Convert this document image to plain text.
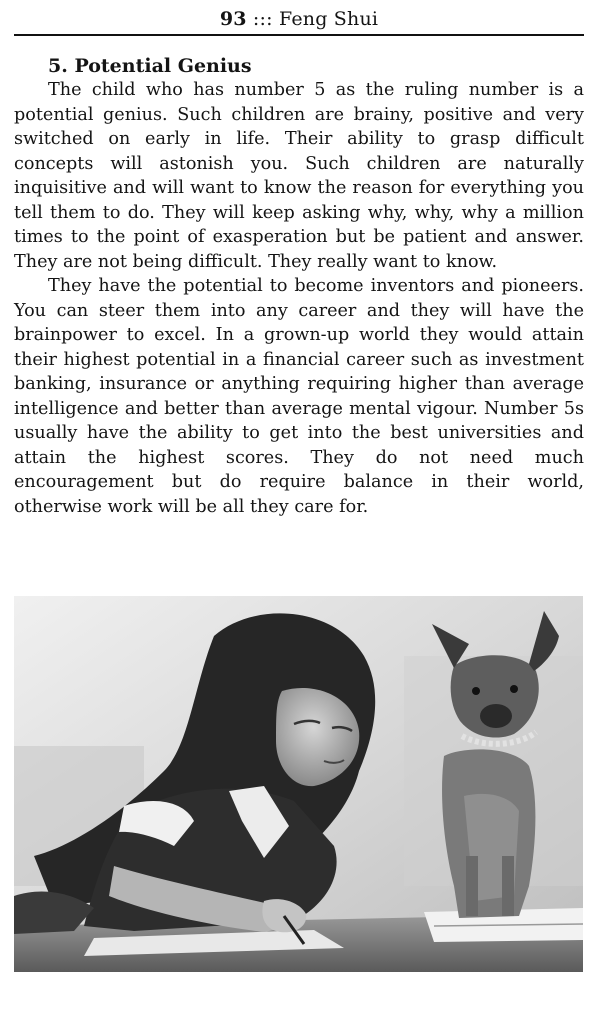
93 ::: Feng Shui
5. Potential Genius

The child who has number 5 as the ruling number is a potential genius. Such children are brainy, positive and very switched on early in life. Their ability to grasp difficult concepts will astonish you. Such children are naturally inquisitive and will want to know the reason for everything you tell them to do. They will keep asking why, why, why a million times to the point of exasperation but be patient and answer. They are not being difficult. They really want to know.

They have the potential to become inventors and pioneers. You can steer them into any career and they will have the brainpower to excel. In a grown-up world they would attain their highest potential in a financial career such as investment banking, insurance or anything requiring higher than average intelligence and better than average mental vigour. Number 5s usually have the ability to get into the best universities and attain the highest scores. They do not need much encouragement but do require balance in their world, otherwise work will be all they care for.
